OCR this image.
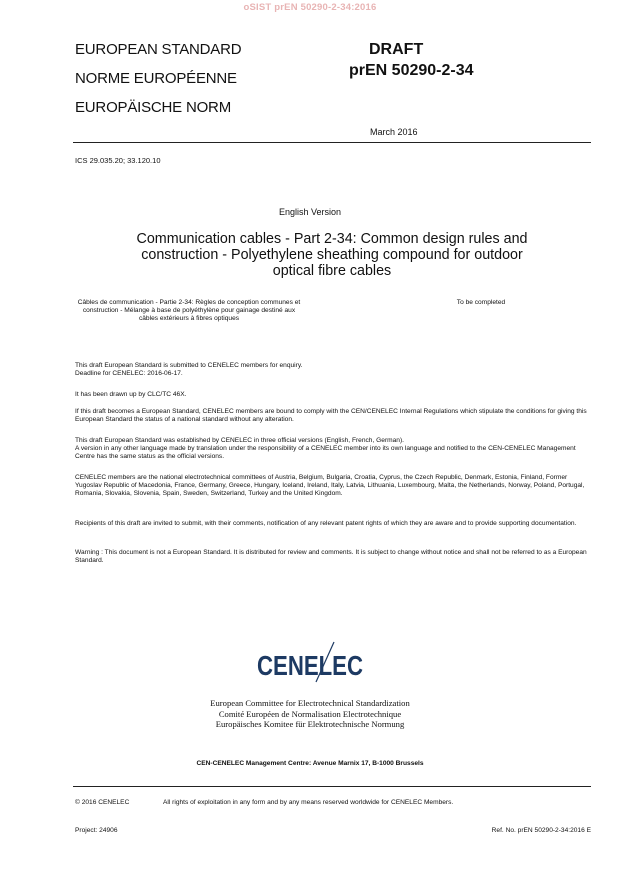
oSIST prEN 50290-2-34:2016
EUROPEAN STANDARD
NORME EUROPÉENNE
EUROPÄISCHE NORM
DRAFT
prEN 50290-2-34
March 2016
ICS 29.035.20; 33.120.10
English Version
Communication cables - Part 2-34: Common design rules and construction - Polyethylene sheathing compound for outdoor optical fibre cables
Câbles de communication - Partie 2-34: Règles de conception communes et construction - Mélange à base de polyéthylène pour gainage destiné aux câbles extérieurs à fibres optiques
To be completed
This draft European Standard is submitted to CENELEC members for enquiry.
Deadline for CENELEC: 2016-06-17.
It has been drawn up by CLC/TC 46X.
If this draft becomes a European Standard, CENELEC members are bound to comply with the CEN/CENELEC Internal Regulations which stipulate the conditions for giving this European Standard the status of a national standard without any alteration.
This draft European Standard was established by CENELEC in three official versions (English, French, German).
A version in any other language made by translation under the responsibility of a CENELEC member into its own language and notified to the CEN-CENELEC Management Centre has the same status as the official versions.
CENELEC members are the national electrotechnical committees of Austria, Belgium, Bulgaria, Croatia, Cyprus, the Czech Republic, Denmark, Estonia, Finland, Former Yugoslav Republic of Macedonia, France, Germany, Greece, Hungary, Iceland, Ireland, Italy, Latvia, Lithuania, Luxembourg, Malta, the Netherlands, Norway, Poland, Portugal, Romania, Slovakia, Slovenia, Spain, Sweden, Switzerland, Turkey and the United Kingdom.
Recipients of this draft are invited to submit, with their comments, notification of any relevant patent rights of which they are aware and to provide supporting documentation.
Warning : This document is not a European Standard. It is distributed for review and comments. It is subject to change without notice and shall not be referred to as a European Standard.
CENELEC
European Committee for Electrotechnical Standardization
Comité Européen de Normalisation Electrotechnique
Europäisches Komitee für Elektrotechnische Normung
CEN-CENELEC Management Centre: Avenue Marnix 17, B-1000 Brussels
© 2016 CENELEC	All rights of exploitation in any form and by any means reserved worldwide for CENELEC Members.
Project: 24906	Ref. No. prEN 50290-2-34:2016 E
